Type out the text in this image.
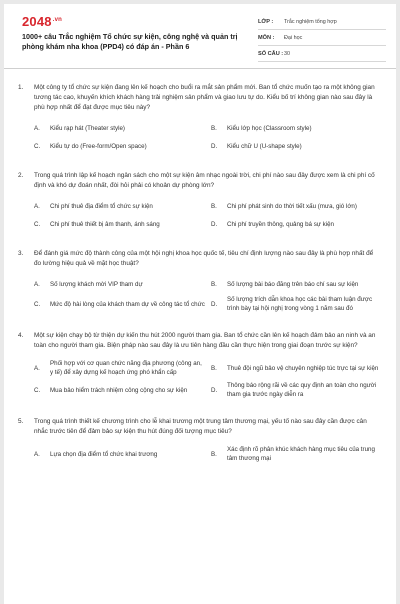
$2048^{.vn}$
1000+ câu Trắc nghiệm Tổ chức sự kiện, công nghệ và quản trị phòng khám nha khoa (PPD4) có đáp án - Phần 6
LỚP :	Trắc nghiệm tổng hợp
MÔN :	Đại học
SỐ CÂU : 30
1.	Một công ty tổ chức sự kiện đang lên kế hoạch cho buổi ra mắt sản phẩm mới. Ban tổ chức muốn tạo ra một không gian tương tác cao, khuyến khích khách hàng trải nghiệm sản phẩm và giao lưu tự do. Kiểu bố trí không gian nào sau đây là phù hợp nhất để đạt được mục tiêu này?
A.	Kiểu rạp hát (Theater style)	B.	Kiểu lớp học (Classroom style)
C.	Kiểu tự do (Free-form/Open space)	D.	Kiểu chữ U (U-shape style)
2.	Trong quá trình lập kế hoạch ngân sách cho một sự kiện âm nhạc ngoài trời, chi phí nào sau đây được xem là chi phí cố định và khó dự đoán nhất, đòi hỏi phải có khoản dự phòng lớn?
A.	Chi phí thuê địa điểm tổ chức sự kiện	B.	Chi phí phát sinh do thời tiết xấu (mưa, gió lớn)
C.	Chi phí thuê thiết bị âm thanh, ánh sáng	D.	Chi phí truyền thông, quảng bá sự kiện
3.	Để đánh giá mức độ thành công của một hội nghị khoa học quốc tế, tiêu chí định lượng nào sau đây là phù hợp nhất để đo lường hiệu quả về mặt học thuật?
A.	Số lượng khách mời VIP tham dự	B.	Số lượng bài báo đăng trên báo chí sau sự kiện
C.	Mức độ hài lòng của khách tham dự về công tác tổ chức D.
Số lượng trích dẫn khoa học các bài tham luận được trình bày tại hội nghị trong vòng 1 năm sau đó
4.	Một sự kiện chạy bộ từ thiện dự kiến thu hút 2000 người tham gia. Ban tổ chức cần lên kế hoạch đảm bảo an ninh và an toàn cho người tham gia. Biện pháp nào sau đây là ưu tiên hàng đầu cần thực hiện trong giai đoạn trước sự kiện?
A.
Phối hợp với cơ quan chức năng địa phương (công an, y tế) để xây dựng kế hoạch ứng phó khẩn cấp
B.	Thuê đội ngũ bảo vệ chuyên nghiệp túc trực tại sự kiện
C.	Mua bảo hiểm trách nhiệm công cộng cho sự kiện	D.
Thông báo rộng rãi về các quy định an toàn cho người tham gia trước ngày diễn ra
5.	Trong quá trình thiết kế chương trình cho lễ khai trương một trung tâm thương mại, yếu tố nào sau đây cần được cân nhắc trước tiên để đảm bảo sự kiện thu hút đúng đối tượng mục tiêu?
A.	Lựa chọn địa điểm tổ chức khai trương	B.
Xác định rõ phân khúc khách hàng mục tiêu của trung tâm thương mại
